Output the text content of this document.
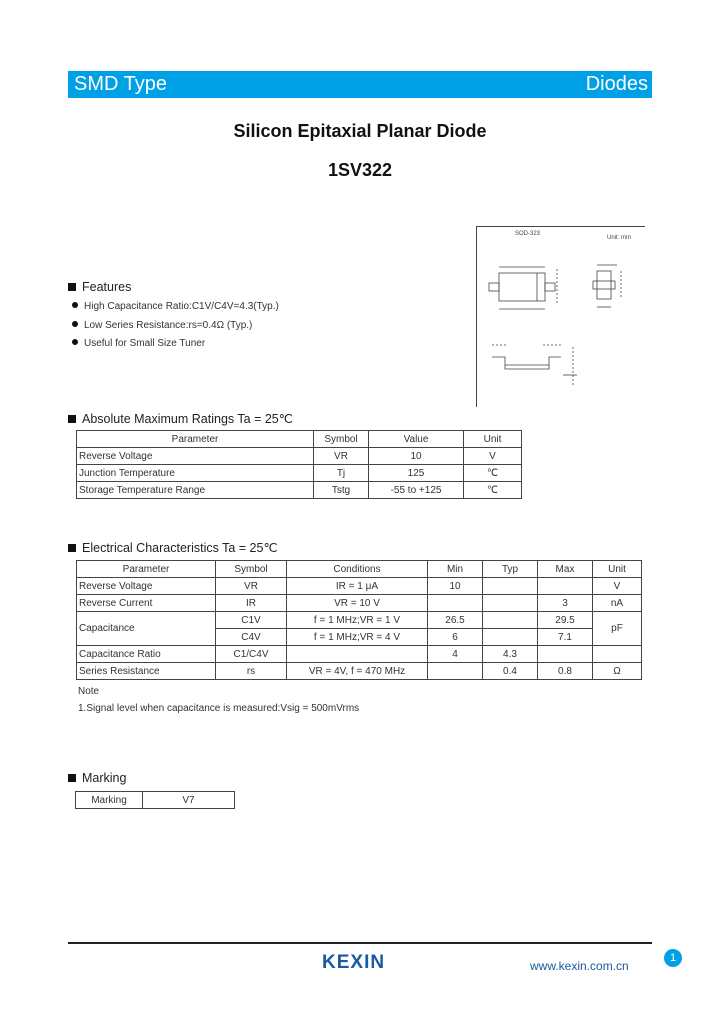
SMD Type	Diodes
Silicon Epitaxial Planar Diode
1SV322
SOD-323
Unit: mm
Features
High Capacitance Ratio:C1V/C4V=4.3(Typ.)
Low Series Resistance:rs=0.4Ω (Typ.)
Useful for Small Size Tuner
Absolute Maximum Ratings Ta = 25℃
Parameter	Symbol	Value	Unit
Reverse Voltage	VR	10	V
Junction Temperature	Tj	125	℃
Storage Temperature Range	Tstg	-55 to +125	℃
Electrical Characteristics Ta = 25℃
Parameter	Symbol	Conditions	Min	Typ	Max	Unit
Reverse Voltage	VR	IR = 1 μA	10			V
Reverse Current	IR	VR = 10 V			3	nA
Capacitance	C1V	f = 1 MHz;VR = 1 V	26.5		29.5	pF
	C4V	f = 1 MHz;VR = 4 V	6		7.1	
Capacitance Ratio	C1/C4V		4	4.3		
Series Resistance	rs	VR = 4V, f = 470 MHz		0.4	0.8	Ω
Note
1.Signal level when capacitance is measured:Vsig = 500mVrms
Marking
Marking	V7
KEXIN	www.kexin.com.cn
1
